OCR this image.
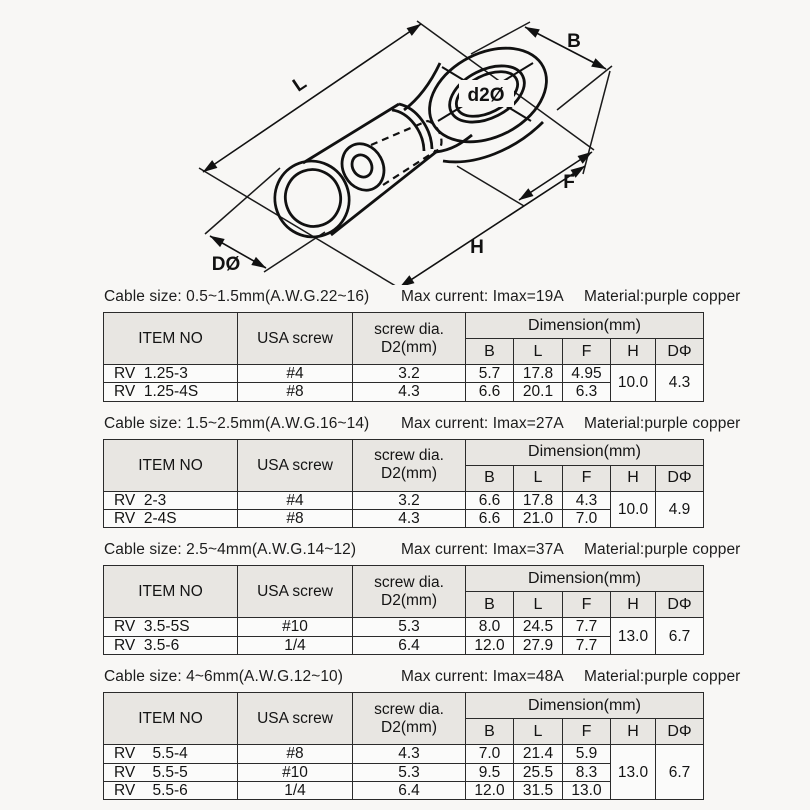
d2Ø
L
B
F
H
DØ
Cable size: 0.5~1.5mm(A.W.G.22~16)	Max current: Imax=19A	Material:purple copper
ITEM NO	USA screw	screw dia.
D2(mm)	Dimension(mm)				
			B	L	F	H	DΦ
RV  1.25-3	#4	3.2	5.7	17.8	4.95	10.0	4.3
RV  1.25-4S	#8	4.3	6.6	20.1	6.3		
Cable size: 1.5~2.5mm(A.W.G.16~14)	Max current: Imax=27A	Material:purple copper
ITEM NO	USA screw	screw dia.
D2(mm)	Dimension(mm)				
			B	L	F	H	DΦ
RV  2-3	#4	3.2	6.6	17.8	4.3	10.0	4.9
RV  2-4S	#8	4.3	6.6	21.0	7.0		
Cable size: 2.5~4mm(A.W.G.14~12)	Max current: Imax=37A	Material:purple copper
ITEM NO	USA screw	screw dia.
D2(mm)	Dimension(mm)				
			B	L	F	H	DΦ
RV  3.5-5S	#10	5.3	8.0	24.5	7.7	13.0	6.7
RV  3.5-6	1/4	6.4	12.0	27.9	7.7		
Cable size: 4~6mm(A.W.G.12~10)	Max current: Imax=48A	Material:purple copper
ITEM NO	USA screw	screw dia.
D2(mm)	Dimension(mm)				
			B	L	F	H	DΦ
RV    5.5-4	#8	4.3	7.0	21.4	5.9	13.0	6.7
RV    5.5-5	#10	5.3	9.5	25.5	8.3		
RV    5.5-6	1/4	6.4	12.0	31.5	13.0		
